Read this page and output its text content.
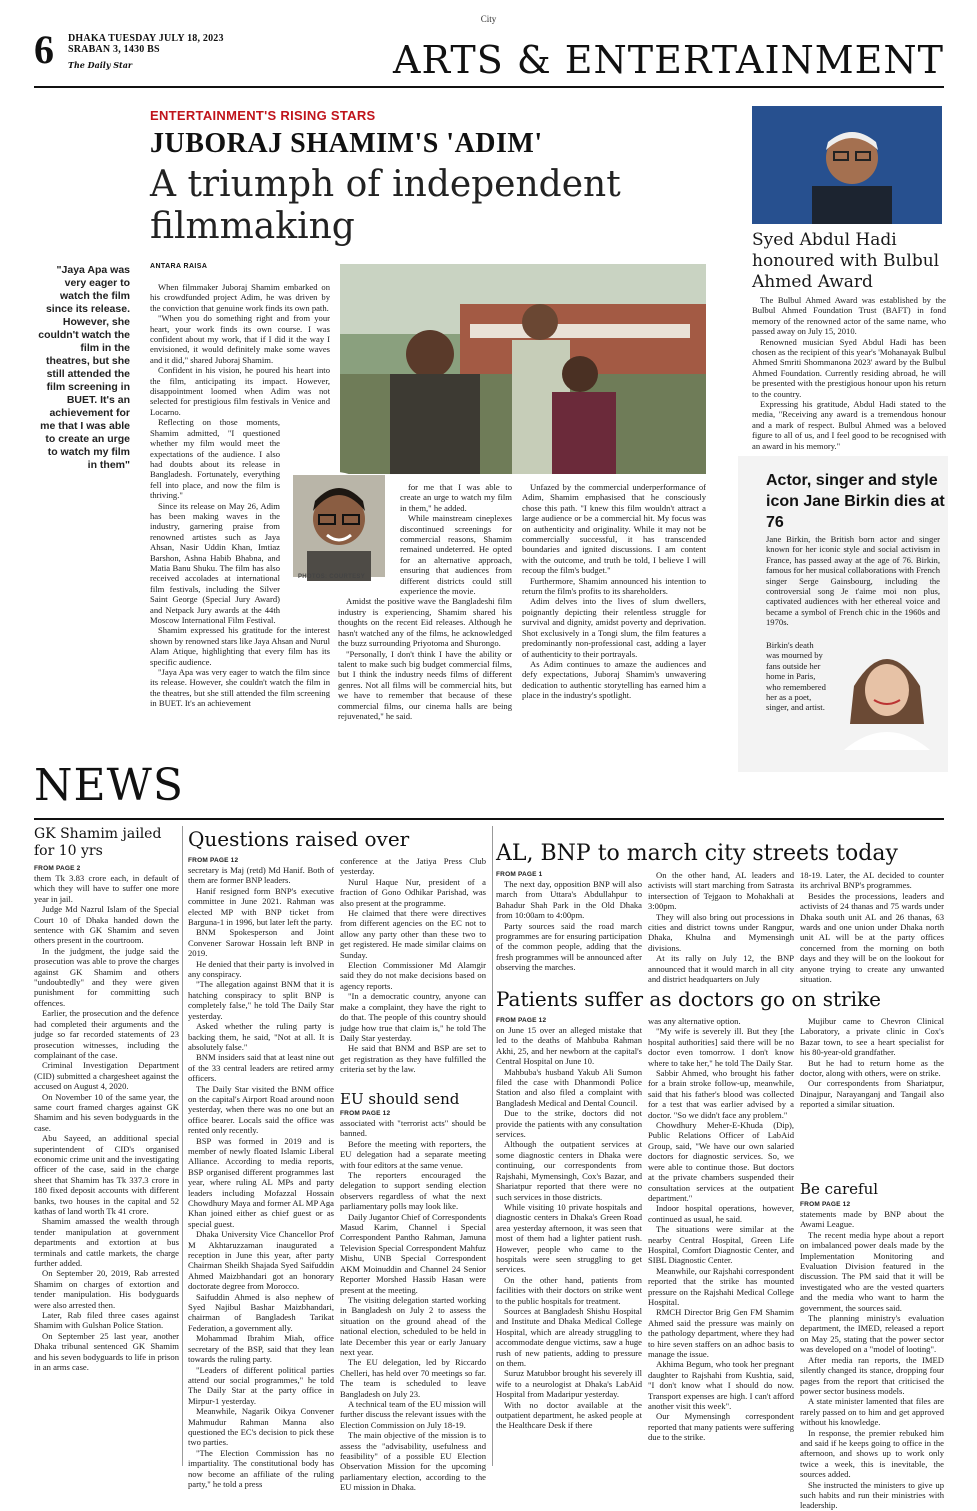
City
6 DHAKA TUESDAY JULY 18, 2023
SRABAN 3, 1430 BS
The Daily Star	ARTS & ENTERTAINMENT
ENTERTAINMENT'S RISING STARS
JUBORAJ SHAMIM'S 'ADIM'
A triumph of independent filmmaking
ANTARA RAISA
"Jaya Apa was very eager to watch the film since its release. However, she couldn't watch the film in the theatres, but she still attended the film screening in BUET. It's an achievement for me that I was able to create an urge to watch my film in them"

When filmmaker Juboraj Shamim embarked on his crowdfunded project Adim, he was driven by the conviction that genuine work finds its own path.

"When you do something right and from your heart, your work finds its own course. I was confident about my work, that if I did it the way I envisioned, it would definitely make some waves and it did," shared Juboraj Shamim.

Confident in his vision, he poured his heart into the film, anticipating its impact. However, disappointment loomed when Adim was not selected for prestigious film festivals in Venice and Locarno.

Reflecting on those moments, Shamim admitted, "I questioned whether my film would meet the expectations of the audience. I also had doubts about its release in Bangladesh. Fortunately, everything fell into place, and now the film is thriving."

Since its release on May 26, Adim has been making waves in the industry, garnering praise from renowned artistes such as Jaya Ahsan, Nasir Uddin Khan, Imtiaz Barshon, Ashna Habib Bhabna, and Matia Banu Shuku. The film has also received accolades at international film festivals, including the Silver Saint George (Special Jury Award) and Netpack Jury awards at the 44th Moscow International Film Festival.

Shamim expressed his gratitude for the interest shown by renowned stars like Jaya Ahsan and Nurul Alam Atique, highlighting that every film has its specific audience.

"Jaya Apa was very eager to watch the film since its release. However, she couldn't watch the film in the theatres, but she still attended the film screening in BUET. It's an achievement

PHOTOS: COURTESY

for me that I was able to create an urge to watch my film in them," he added.

While mainstream cineplexes discontinued screenings for commercial reasons, Shamim remained undeterred. He opted for an alternative approach, ensuring that audiences from different districts could still experience the movie.

Amidst the positive wave the Bangladeshi film industry is experiencing, Shamim shared his thoughts on the recent Eid releases. Although he hasn't watched any of the films, he acknowledged the buzz surrounding Priyotoma and Shurongo.

"Personally, I don't think I have the ability or talent to make such big budget commercial films, but I think the industry needs films of different genres. Not all films will be commercial hits, but we have to remember that because of these commercial films, our cinema halls are being rejuvenated," he said.

Unfazed by the commercial underperformance of Adim, Shamim emphasised that he consciously chose this path. "I knew this film wouldn't attract a large audience or be a commercial hit. My focus was on authenticity and originality. While it may not be commercially successful, it has transcended boundaries and ignited discussions. I am content with the outcome, and truth be told, I believe I will recoup the film's budget."

Furthermore, Shamim announced his intention to return the film's profits to its shareholders.

Adim delves into the lives of slum dwellers, poignantly depicting their relentless struggle for survival and dignity, amidst poverty and deprivation. Shot exclusively in a Tongi slum, the film features a predominantly non-professional cast, adding a layer of authenticity to their portrayals.

As Adim continues to amaze the audiences and defy expectations, Juboraj Shamim's unwavering dedication to authentic storytelling has earned him a place in the industry's spotlight.

Syed Abdul Hadi honoured with Bulbul Ahmed Award

The Bulbul Ahmed Award was established by the Bulbul Ahmed Foundation Trust (BAFT) in fond memory of the renowned actor of the same name, who passed away on July 15, 2010.

Renowned musician Syed Abdul Hadi has been chosen as the recipient of this year's 'Mohanayak Bulbul Ahmed Smriti Shommanona 2023' award by the Bulbul Ahmed Foundation. Currently residing abroad, he will be presented with the prestigious honour upon his return to the country.

Expressing his gratitude, Abdul Hadi stated to the media, "Receiving any award is a tremendous honour and a mark of respect. Bulbul Ahmed was a beloved figure to all of us, and I feel good to be recognised with an award in his memory."

Actor, singer and style icon Jane Birkin dies at 76
Jane Birkin, the British born actor and singer known for her iconic style and social activism in France, has passed away at the age of 76. Birkin, famous for her musical collaborations with French singer Serge Gainsbourg, including the controversial song Je t'aime moi non plus, captivated audiences with her ethereal voice and became a symbol of French chic in the 1960s and 1970s.
Birkin's death was mourned by fans outside her home in Paris, who remembered her as a poet, singer, and artist.
NEWS
GK Shamim jailed for 10 yrs
FROM PAGE 2

them Tk 3.83 crore each, in default of which they will have to suffer one more year in jail.

Judge Md Nazrul Islam of the Special Court 10 of Dhaka handed down the sentence with GK Shamim and seven others present in the courtroom.

In the judgment, the judge said the prosecution was able to prove the charges against GK Shamim and others "undoubtedly" and they were given punishment for committing such offences.

Earlier, the prosecution and the defence had completed their arguments and the judge so far recorded statements of 23 prosecution witnesses, including the complainant of the case.

Criminal Investigation Department (CID) submitted a chargesheet against the accused on August 4, 2020.

On November 10 of the same year, the same court framed charges against GK Shamim and his seven bodyguards in the case.

Abu Sayeed, an additional special superintendent of CID's organised economic crime unit and the investigating officer of the case, said in the charge sheet that Shamim has Tk 337.3 crore in 180 fixed deposit accounts with different banks, two houses in the capital and 52 kathas of land worth Tk 41 crore.

Shamim amassed the wealth through tender manipulation at government departments and extortion at bus terminals and cattle markets, the charge further added.

On September 20, 2019, Rab arrested Shamim on charges of extortion and tender manipulation. His bodyguards were also arrested then.

Later, Rab filed three cases against Shamim with Gulshan Police Station.

On September 25 last year, another Dhaka tribunal sentenced GK Shamim and his seven bodyguards to life in prison in an arms case.

Questions raised over
FROM PAGE 12

secretary is Maj (retd) Md Hanif. Both of them are former BNP leaders.

Hanif resigned form BNP's executive committee in June 2021. Rahman was elected MP with BNP ticket from Barguna-1 in 1996, but later left the party.

BNM Spokesperson and Joint Convener Sarowar Hossain left BNP in 2019.

He denied that their party is involved in any conspiracy.

"The allegation against BNM that it is hatching conspiracy to split BNP is completely false," he told The Daily Star yesterday.

Asked whether the ruling party is backing them, he said, "Not at all. It is absolutely false."

BNM insiders said that at least nine out of the 33 central leaders are retired army officers.

The Daily Star visited the BNM office on the capital's Airport Road around noon yesterday, when there was no one but an office bearer. Locals said the office was rented only recently.

BSP was formed in 2019 and is member of newly floated Islamic Liberal Alliance. According to media reports, BSP organised different programmes last year, where ruling AL MPs and party leaders including Mofazzal Hossain Chowdhury Maya and former AL MP Aga Khan joined either as chief guest or as special guest.

Dhaka University Vice Chancellor Prof M Akhtaruzzaman inaugurated a reception in June this year, after party Chairman Sheikh Shajada Syed Saifuddin Ahmed Maizbhandari got an honorary doctorate degree from Morocco.

Saifuddin Ahmed is also nephew of Syed Najibul Bashar Maizbhandari, chairman of Bangladesh Tarikat Federation, a government ally.

Mohammad Ibrahim Miah, office secretary of the BSP, said that they lean towards the ruling party.

"Leaders of different political parties attend our social programmes," he told The Daily Star at the party office in Mirpur-1 yesterday.

Meanwhile, Nagarik Oikya Convener Mahmudur Rahman Manna also questioned the EC's decision to pick these two parties.

"The Election Commission has no impartiality. The constitutional body has now become an affiliate of the ruling party," he told a press

conference at the Jatiya Press Club yesterday.

Nurul Haque Nur, president of a fraction of Gono Odhikar Parishad, was also present at the programme.

He claimed that there were directives from different agencies on the EC not to allow any party other than these two to get registered. He made similar claims on Sunday.

Election Commissioner Md Alamgir said they do not make decisions based on agency reports.

"In a democratic country, anyone can make a complaint, they have the right to do that. The people of this country should judge how true that claim is," he told The Daily Star yesterday.

He said that BNM and BSP are set to get registration as they have fulfilled the criteria set by the law.

EU should send
FROM PAGE 12

associated with "terrorist acts" should be banned.

Before the meeting with reporters, the EU delegation had a separate meeting with four editors at the same venue.

The reporters encouraged the delegation to support sending election observers regardless of what the next parliamentary polls may look like.

Daily Jugantor Chief of Correspondents Masud Karim, Channel i Special Correspondent Pantho Rahman, Jamuna Television Special Correspondent Mahfuz Mishu, UNB Special Correspondent AKM Moinuddin and Channel 24 Senior Reporter Morshed Hassib Hasan were present at the meeting.

The visiting delegation started working in Bangladesh on July 2 to assess the situation on the ground ahead of the national election, scheduled to be held in late December this year or early January next year.

The EU delegation, led by Riccardo Chelleri, has held over 70 meetings so far. The team is scheduled to leave Bangladesh on July 23.

A technical team of the EU mission will further discuss the relevant issues with the Election Commission on July 18-19.

The main objective of the mission is to assess the "advisability, usefulness and feasibility" of a possible EU Election Observation Mission for the upcoming parliamentary election, according to the EU mission in Dhaka.

AL, BNP to march city streets today
FROM PAGE 1

The next day, opposition BNP will also march from Uttara's Abdullahpur to Bahadur Shah Park in the Old Dhaka from 10:00am to 4:00pm.

Party sources said the road march programmes are for ensuring participation of the common people, adding that the fresh programmes will be announced after observing the marches.

On the other hand, AL leaders and activists will start marching from Satrasta intersection of Tejgaon to Mohakhali at 3:00pm.

They will also bring out processions in cities and district towns under Rangpur, Dhaka, Khulna and Mymensingh divisions.

At its rally on July 12, the BNP announced that it would march in all city and district headquarters on July

18-19. Later, the AL decided to counter its archrival BNP's programmes.

Besides the processions, leaders and activists of 24 thanas and 75 wards under Dhaka south unit AL and 26 thanas, 63 wards and one union under Dhaka north unit AL will be at the party offices concerned from the morning on both days and they will be on the lookout for anyone trying to create any unwanted situation.

Patients suffer as doctors go on strike
FROM PAGE 12

on June 15 over an alleged mistake that led to the deaths of Mahbuba Rahman Akhi, 25, and her newborn at the capital's Central Hospital on June 10.

Mahbuba's husband Yakub Ali Sumon filed the case with Dhanmondi Police Station and also filed a complaint with Bangladesh Medical and Dental Council.

Due to the strike, doctors did not provide the patients with any consultation services.

Although the outpatient services at some diagnostic centers in Dhaka were continuing, our correspondents from Rajshahi, Mymensingh, Cox's Bazar, and Shariatpur reported that there were no such services in those districts.

While visiting 10 private hospitals and diagnostic centers in Dhaka's Green Road area yesterday afternoon, it was seen that most of them had a lighter patient rush. However, people who came to the hospitals were seen struggling to get services.

On the other hand, patients from facilities with their doctors on strike went to the public hospitals for treatment.

Sources at Bangladesh Shishu Hospital and Institute and Dhaka Medical College Hospital, which are already struggling to accommodate dengue victims, saw a huge rush of new patients, adding to pressure on them.

Suruz Matubbor brought his severely ill wife to a neurologist at Dhaka's LabAid Hospital from Madaripur yesterday.

With no doctor available at the outpatient department, he asked people at the Healthcare Desk if there

was any alternative option.

"My wife is severely ill. But they [the hospital authorities] said there will be no doctor even tomorrow. I don't know where to take her," he told The Daily Star.

Sabbir Ahmed, who brought his father for a brain stroke follow-up, meanwhile, said that his father's blood was collected for a test that was earlier advised by a doctor. "So we didn't face any problem."

Chowdhury Meher-E-Khuda (Dip), Public Relations Officer of LabAid Group, said, "We have our own salaried doctors for diagnostic services. So, we were able to continue those. But doctors at the private chambers suspended their consultation services at the outpatient department."

Indoor hospital operations, however, continued as usual, he said.

The situations were similar at the nearby Central Hospital, Green Life Hospital, Comfort Diagnostic Center, and SIBL Diagnostic Center.

Meanwhile, our Rajshahi correspondent reported that the strike has mounted pressure on the Rajshahi Medical College Hospital.

RMCH Director Brig Gen FM Shamim Ahmed said the pressure was mainly on the pathology department, where they had to hire seven staffers on an adhoc basis to manage the issue.

Akhima Begum, who took her pregnant daughter to Rajshahi from Kushtia, said, "I don't know what I should do now. Transport expenses are high. I can't afford another visit this week".

Our Mymensingh correspondent reported that many patients were suffering due to the strike.

Mujibur came to Chevron Clinical Laboratory, a private clinic in Cox's Bazar town, to see a heart specialist for his 80-year-old grandfather.

But he had to return home as the doctor, along with others, were on strike.

Our correspondents from Shariatpur, Dinajpur, Narayanganj and Tangail also reported a similar situation.

Be careful
FROM PAGE 12

statements made by BNP about the Awami League.

The recent media hype about a report on imbalanced power deals made by the Implementation Monitoring and Evaluation Division featured in the discussion. The PM said that it will be investigated who are the vested quarters and the media who want to harm the government, the sources said.

The planning ministry's evaluation department, the IMED, released a report on May 25, stating that the power sector was developed on a "model of looting".

After media ran reports, the IMED silently changed its stance, dropping four pages from the report that criticised the power sector business models.

A state minister lamented that files are rarely passed on to him and get approved without his knowledge.

In response, the premier rebuked him and said if he keeps going to office in the afternoon, and shows up to work only twice a week, this is inevitable, the sources added.

She instructed the ministers to give up such habits and run their ministries with leadership.
